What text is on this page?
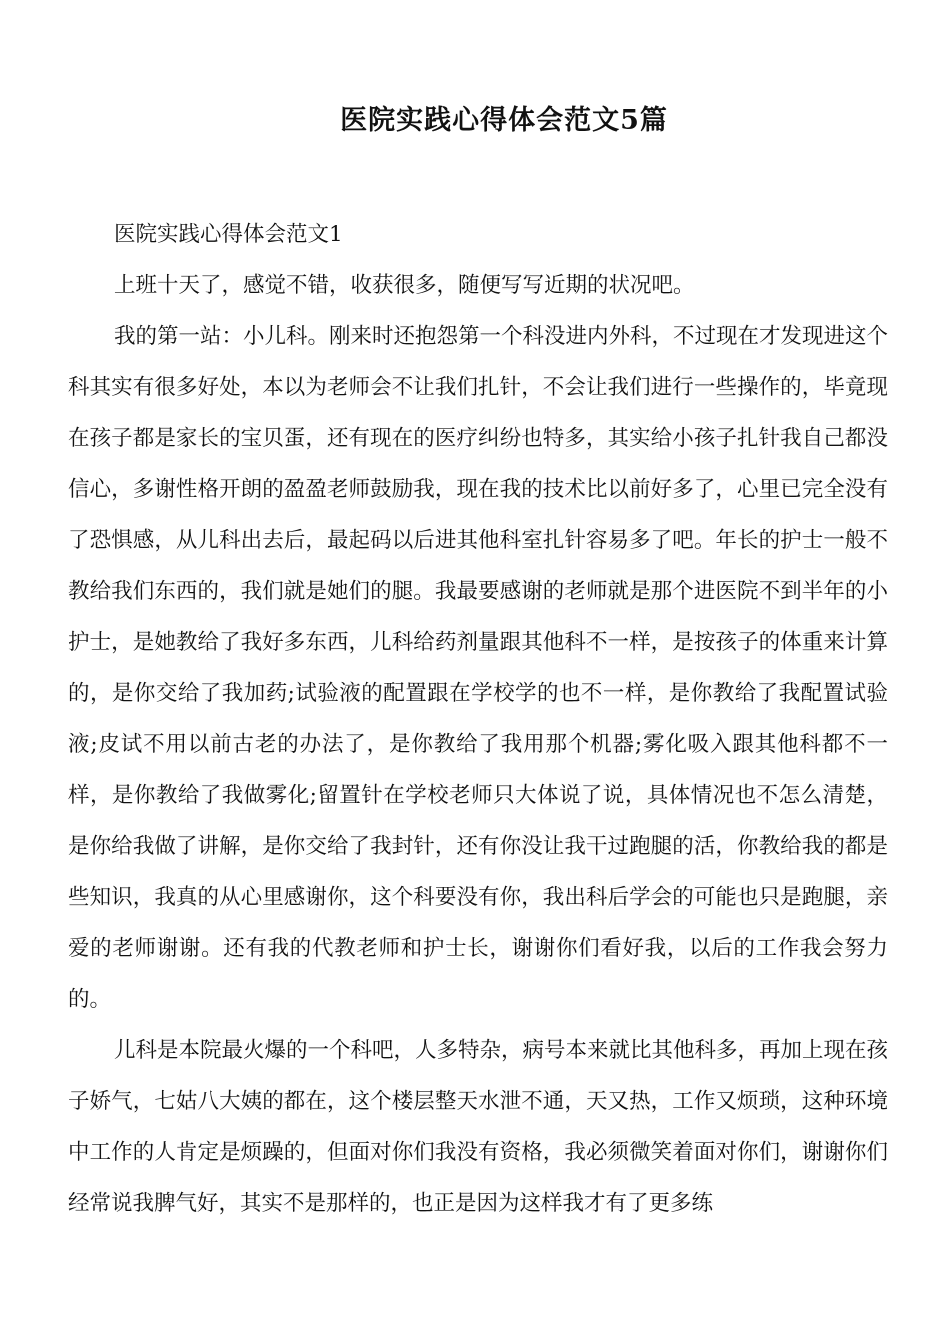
医院实践心得体会范文5篇

医院实践心得体会范文1

上班十天了，感觉不错，收获很多，随便写写近期的状况吧。

我的第一站：小儿科。刚来时还抱怨第一个科没进内外科，不过现在才发现进这个科其实有很多好处，本以为老师会不让我们扎针，不会让我们进行一些操作的，毕竟现在孩子都是家长的宝贝蛋，还有现在的医疗纠纷也特多，其实给小孩子扎针我自己都没信心，多谢性格开朗的盈盈老师鼓励我，现在我的技术比以前好多了，心里已完全没有了恐惧感，从儿科出去后，最起码以后进其他科室扎针容易多了吧。年长的护士一般不教给我们东西的，我们就是她们的腿。我最要感谢的老师就是那个进医院不到半年的小护士，是她教给了我好多东西，儿科给药剂量跟其他科不一样，是按孩子的体重来计算的，是你交给了我加药;试验液的配置跟在学校学的也不一样，是你教给了我配置试验液;皮试不用以前古老的办法了，是你教给了我用那个机器;雾化吸入跟其他科都不一样，是你教给了我做雾化;留置针在学校老师只大体说了说，具体情况也不怎么清楚，是你给我做了讲解，是你交给了我封针，还有你没让我干过跑腿的活，你教给我的都是些知识，我真的从心里感谢你，这个科要没有你，我出科后学会的可能也只是跑腿，亲爱的老师谢谢。还有我的代教老师和护士长，谢谢你们看好我，以后的工作我会努力的。

儿科是本院最火爆的一个科吧，人多特杂，病号本来就比其他科多，再加上现在孩子娇气，七姑八大姨的都在，这个楼层整天水泄不通，天又热，工作又烦琐，这种环境中工作的人肯定是烦躁的，但面对你们我没有资格，我必须微笑着面对你们，谢谢你们经常说我脾气好，其实不是那样的，也正是因为这样我才有了更多练
